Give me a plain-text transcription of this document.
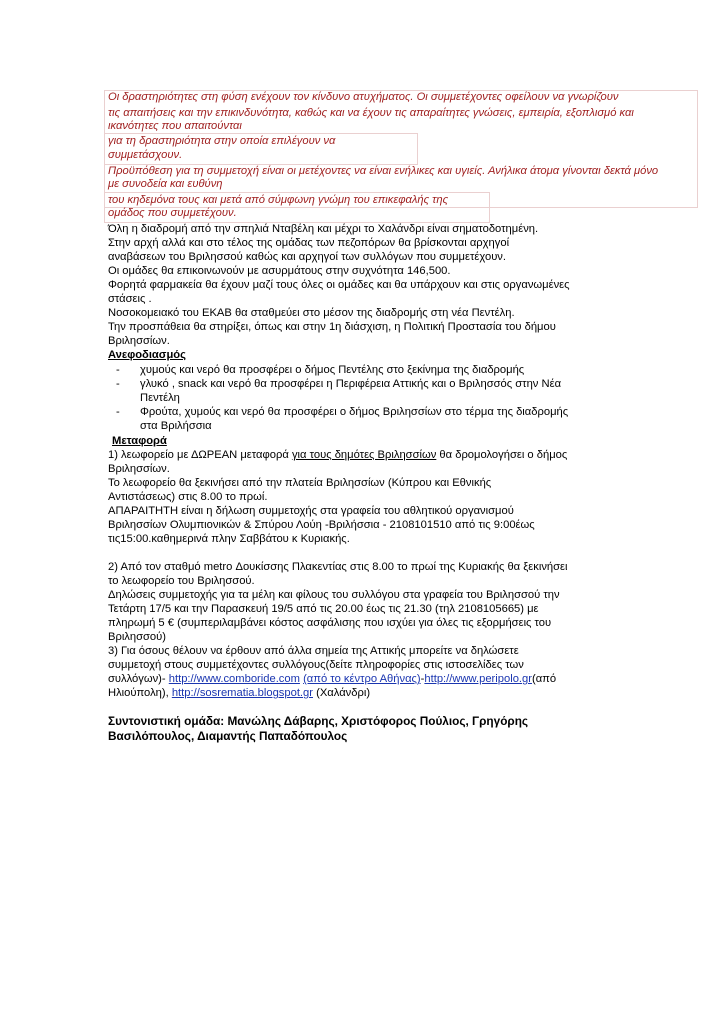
Οι δραστηριότητες στη φύση ενέχουν τον κίνδυνο ατυχήματος. Οι συμμετέχοντες οφείλουν να γνωρίζουν
τις απαιτήσεις και την επικινδυνότητα, καθώς και να έχουν τις απαραίτητες γνώσεις, εμπειρία, εξοπλισμό και
ικανότητες που απαιτούνται
για τη δραστηριότητα στην οποία επιλέγουν να
συμμετάσχουν.
Προϋπόθεση για τη συμμετοχή είναι οι μετέχοντες να είναι ενήλικες και υγιείς. Ανήλικα άτομα γίνονται δεκτά μόνο
με συνοδεία και ευθύνη
του κηδεμόνα τους και μετά από σύμφωνη γνώμη του επικεφαλής της
ομάδος που συμμετέχουν.
Όλη η διαδρομή από την σπηλιά Νταβέλη και μέχρι το Χαλάνδρι είναι σηματοδοτημένη.
Στην αρχή αλλά και στο τέλος της ομάδας των πεζοπόρων θα βρίσκονται αρχηγοί
αναβάσεων του Βριλησσού καθώς και αρχηγοί των συλλόγων που συμμετέχουν.
Οι ομάδες θα επικοινωνούν με ασυρμάτους στην συχνότητα 146,500.
Φορητά φαρμακεία θα έχουν μαζί τους όλες οι ομάδες και θα υπάρχουν και στις οργανωμένες
στάσεις .
Νοσοκομειακό του ΕΚΑΒ θα σταθμεύει στο μέσον της διαδρομής στη νέα Πεντέλη.
Την προσπάθεια θα στηρίξει, όπως και στην 1η διάσχιση, η Πολιτική Προστασία του δήμου
Βριλησσίων.
Ανεφοδιασμός
- χυμούς και νερό θα προσφέρει ο δήμος Πεντέλης στο ξεκίνημα της διαδρομής
- γλυκό , snack και νερό θα προσφέρει η Περιφέρεια Αττικής και ο Βριλησσός στην Νέα
Πεντέλη
- Φρούτα, χυμούς και νερό θα προσφέρει ο δήμος Βριλησσίων στο τέρμα της διαδρομής
στα Βριλήσσια
Μεταφορά
1) λεωφορείο με ΔΩΡΕΑΝ μεταφορά για τους δημότες Βριλησσίων θα δρομολογήσει ο δήμος
Βριλησσίων.
Το λεωφορείο θα ξεκινήσει από την πλατεία Βριλησσίων (Κύπρου και Εθνικής
Αντιστάσεως) στις 8.00 το πρωί.
ΑΠΑΡΑΙΤΗΤΗ είναι η δήλωση συμμετοχής στα γραφεία του αθλητικού οργανισμού
Βριλησσίων Ολυμπιονικών & Σπύρου Λούη -Βριλήσσια - 2108101510 από τις 9:00έως
τις15:00.καθημερινά πλην Σαββάτου κ Κυριακής.
2) Από τον σταθμό metro Δουκίσσης Πλακεντίας στις 8.00 το πρωί της Κυριακής θα ξεκινήσει
το λεωφορείο του Βριλησσού.
Δηλώσεις συμμετοχής για τα μέλη και φίλους του συλλόγου στα γραφεία του Βριλησσού την
Τετάρτη 17/5 και την Παρασκευή 19/5 από τις 20.00 έως τις 21.30 (τηλ 2108105665) με
πληρωμή 5 € (συμπεριλαμβάνει κόστος ασφάλισης που ισχύει για όλες τις εξορμήσεις του
Βριλησσού)
3) Για όσους θέλουν να έρθουν από άλλα σημεία της Αττικής μπορείτε να δηλώσετε
συμμετοχή στους συμμετέχοντες συλλόγους(δείτε πληροφορίες στις ιστοσελίδες των
συλλόγων)- http://www.comboride.com (από το κέντρο Αθήνας)-http://www.peripolo.gr(από
Ηλιούπολη), http://sosrematia.blogspot.gr (Χαλάνδρι)
Συντονιστική ομάδα: Μανώλης Δάβαρης, Χριστόφορος Πούλιος, Γρηγόρης
Βασιλόπουλος, Διαμαντής Παπαδόπουλος
